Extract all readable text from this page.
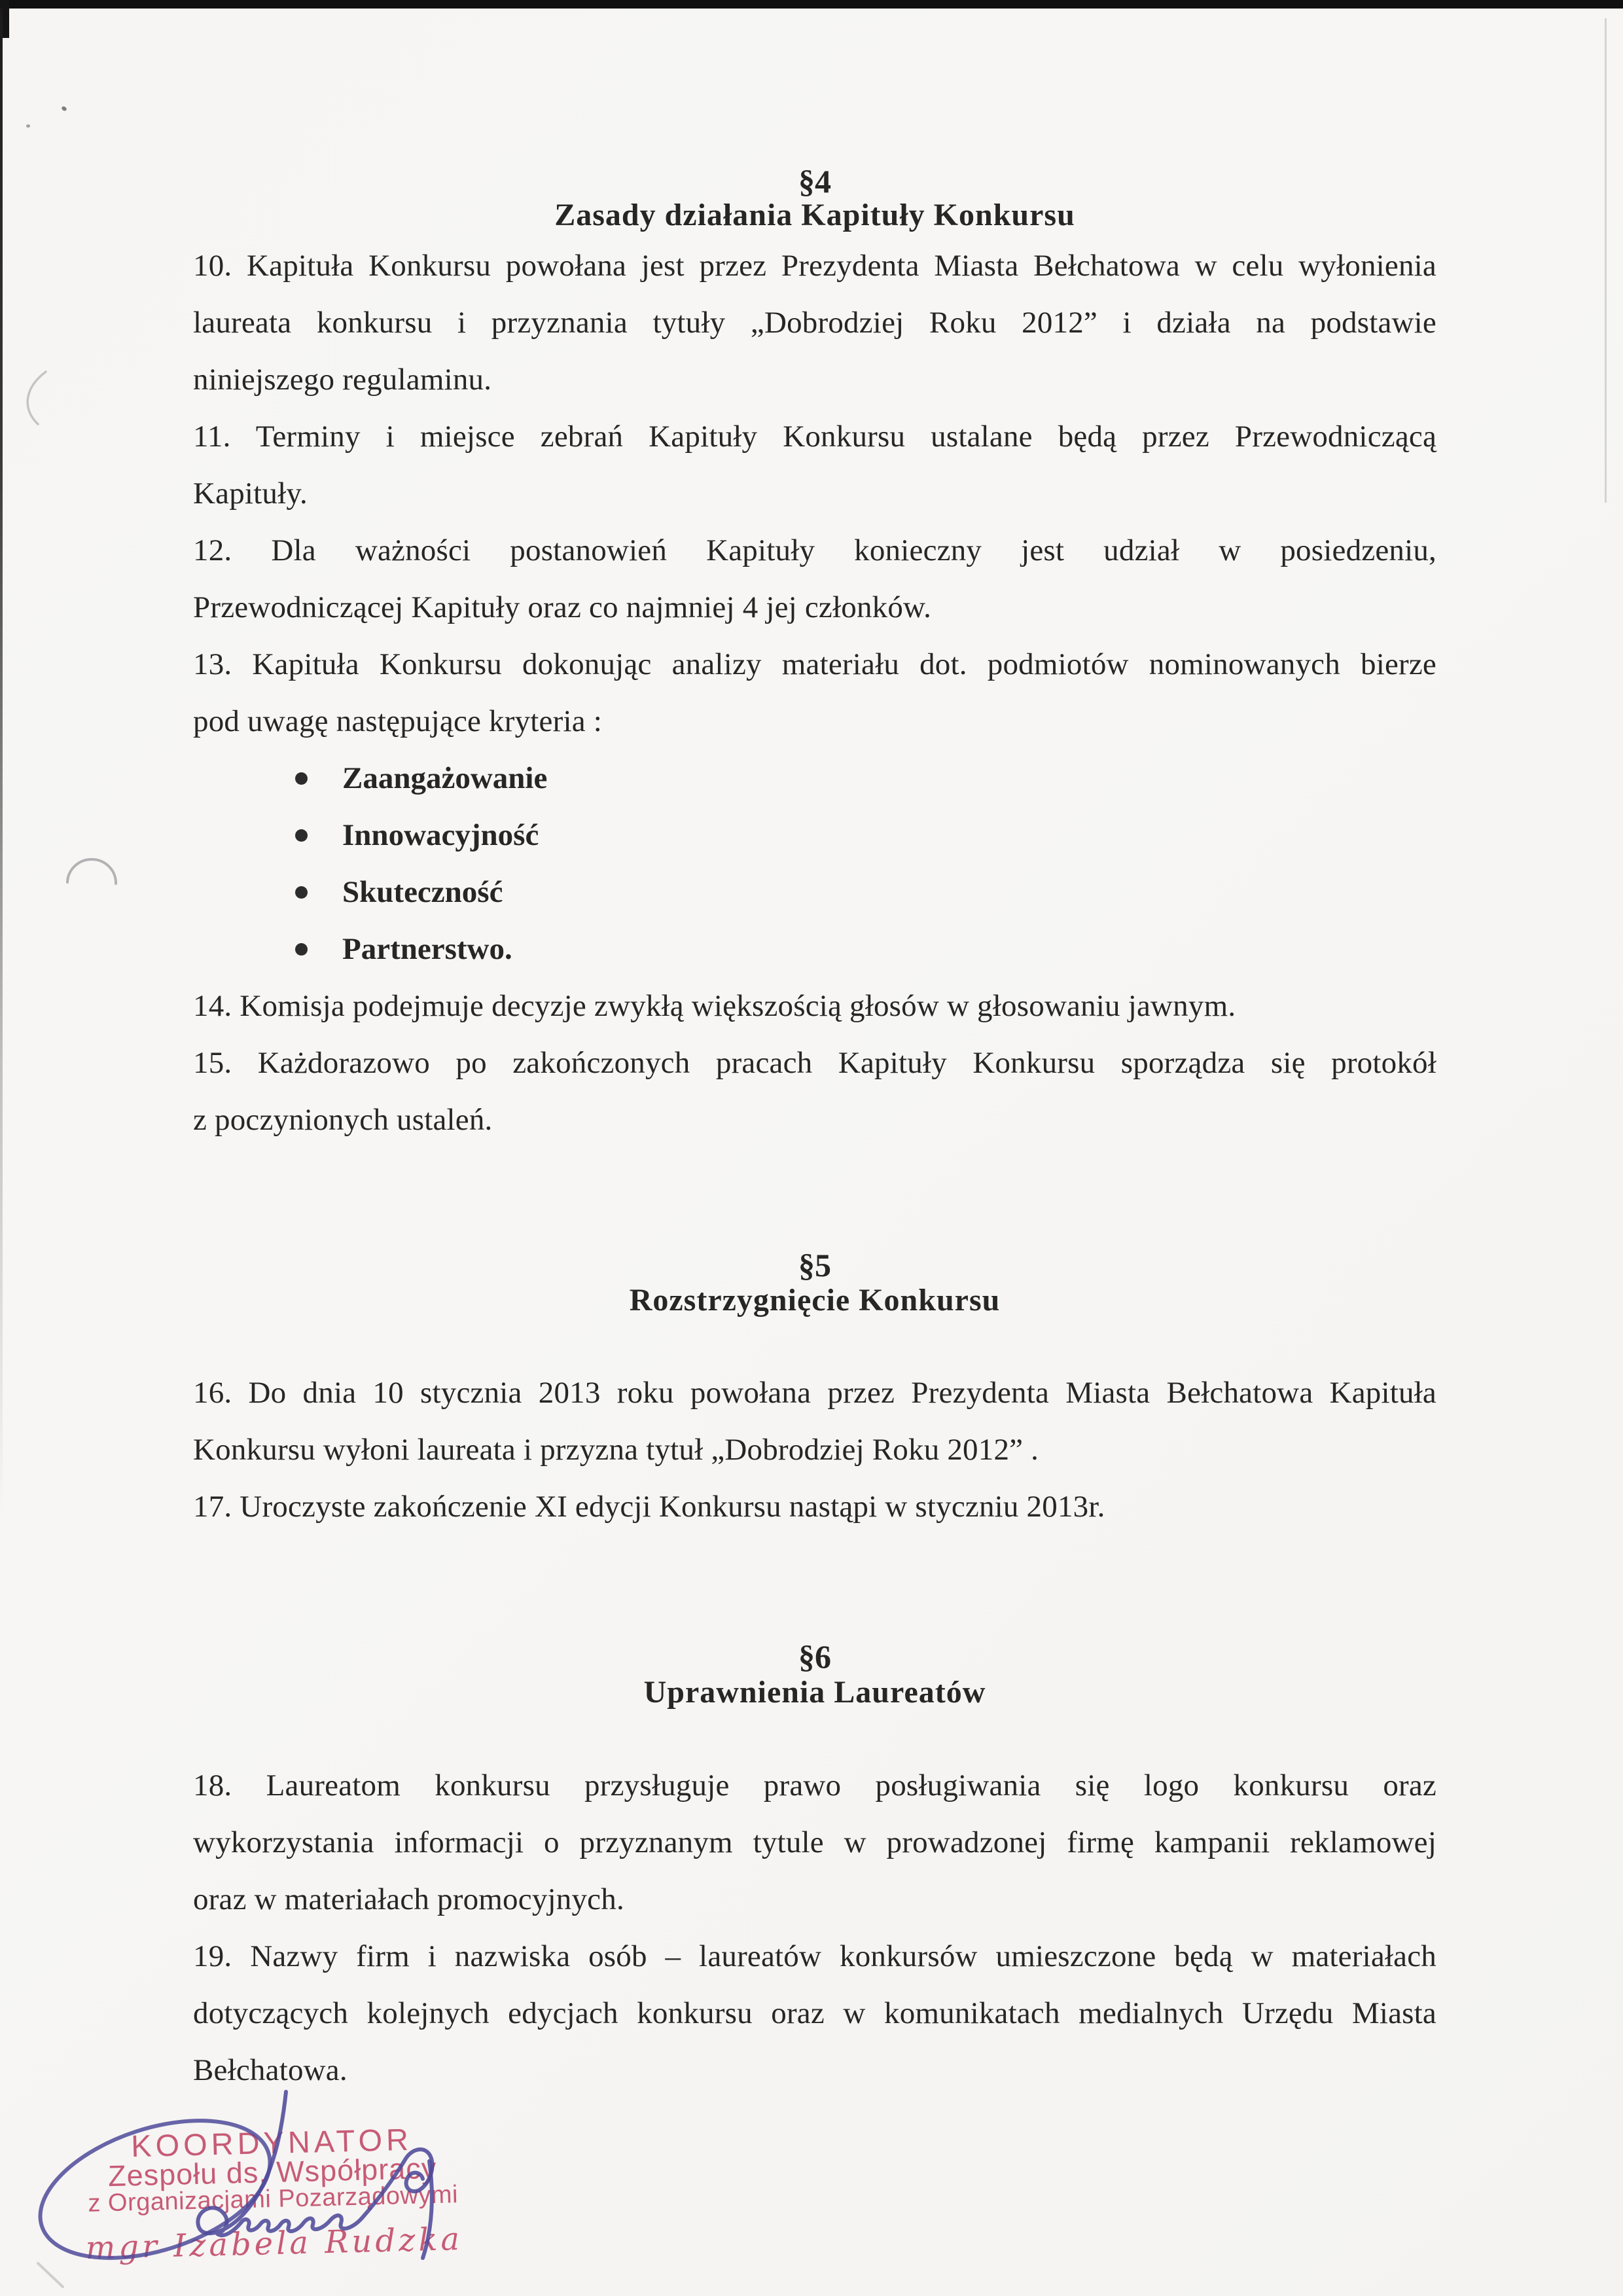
§4
Zasady działania Kapituły Konkursu
10. Kapituła Konkursu powołana jest przez Prezydenta Miasta Bełchatowa w celu wyłonienia
laureata konkursu i przyznania tytuły „Dobrodziej Roku 2012” i działa na podstawie
niniejszego regulaminu.
11. Terminy i miejsce zebrań Kapituły Konkursu ustalane będą przez Przewodniczącą
Kapituły.
12. Dla ważności postanowień Kapituły konieczny jest udział w posiedzeniu,
Przewodniczącej Kapituły oraz co najmniej 4 jej członków.
13. Kapituła Konkursu dokonując analizy materiału dot. podmiotów nominowanych bierze
pod uwagę następujące kryteria :
Zaangażowanie
Innowacyjność
Skuteczność
Partnerstwo.
14. Komisja podejmuje decyzje zwykłą większością głosów w głosowaniu jawnym.
15. Każdorazowo po zakończonych pracach Kapituły Konkursu sporządza się protokół
z poczynionych ustaleń.
§5
Rozstrzygnięcie Konkursu
16. Do dnia 10 stycznia 2013 roku powołana przez Prezydenta Miasta Bełchatowa Kapituła
Konkursu wyłoni laureata i przyzna tytuł „Dobrodziej Roku 2012” .
17. Uroczyste zakończenie XI edycji Konkursu nastąpi w styczniu 2013r.
§6
Uprawnienia Laureatów
18. Laureatom konkursu przysługuje prawo posługiwania się logo konkursu oraz
wykorzystania informacji o przyznanym tytule w prowadzonej firmę kampanii reklamowej
oraz w materiałach promocyjnych.
19. Nazwy firm i nazwiska osób – laureatów konkursów umieszczone będą w materiałach
dotyczących kolejnych edycjach konkursu oraz w komunikatach medialnych Urzędu Miasta
Bełchatowa.
KOORDYNATOR
Zespołu ds. Współpracy
z Organizacjami Pozarządowymi
mgr Izabela Rudzka
